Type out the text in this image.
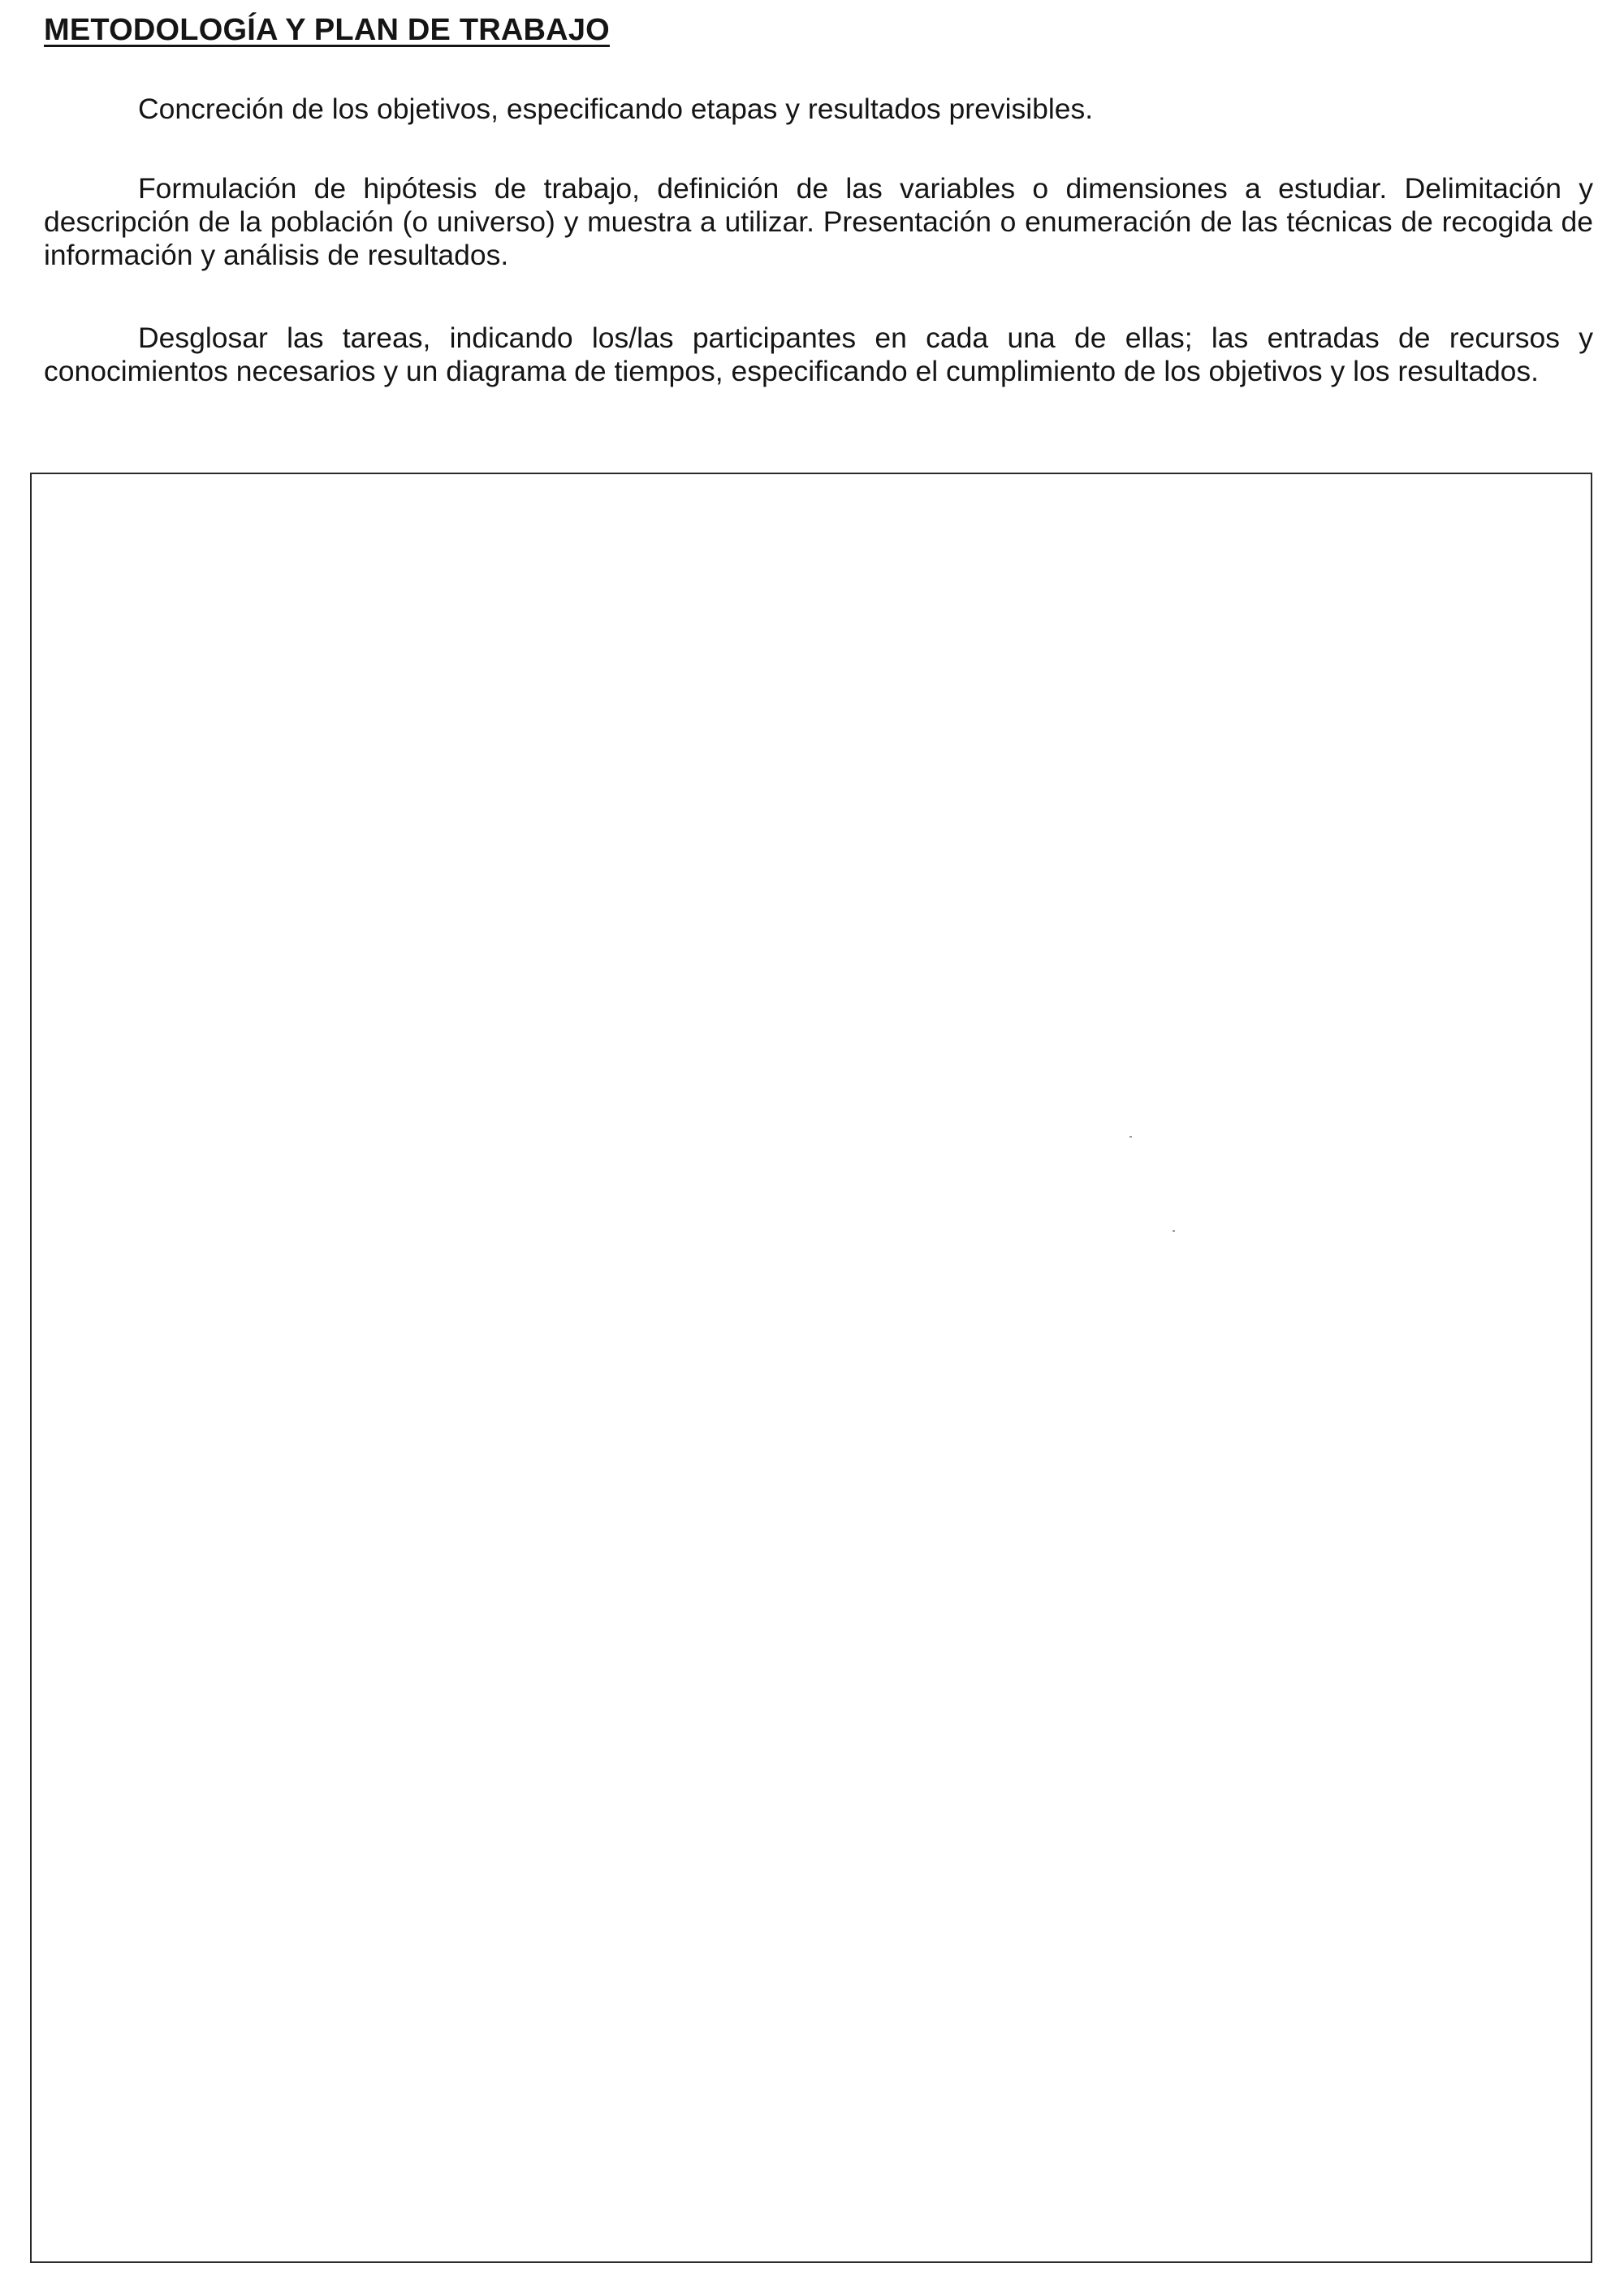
METODOLOGÍA Y PLAN DE TRABAJO

Concreción de los objetivos, especificando etapas y resultados previsibles.

Formulación de hipótesis de trabajo, definición de las variables o dimensiones a estudiar. Delimitación y descripción de la población (o universo) y muestra a utilizar. Presentación o enumeración de las técnicas de recogida de información y análisis de resultados.

Desglosar las tareas, indicando los/las participantes en cada una de ellas; las entradas de recursos y conocimientos necesarios y un diagrama de tiempos, especificando el cumplimiento de los objetivos y los resultados.
